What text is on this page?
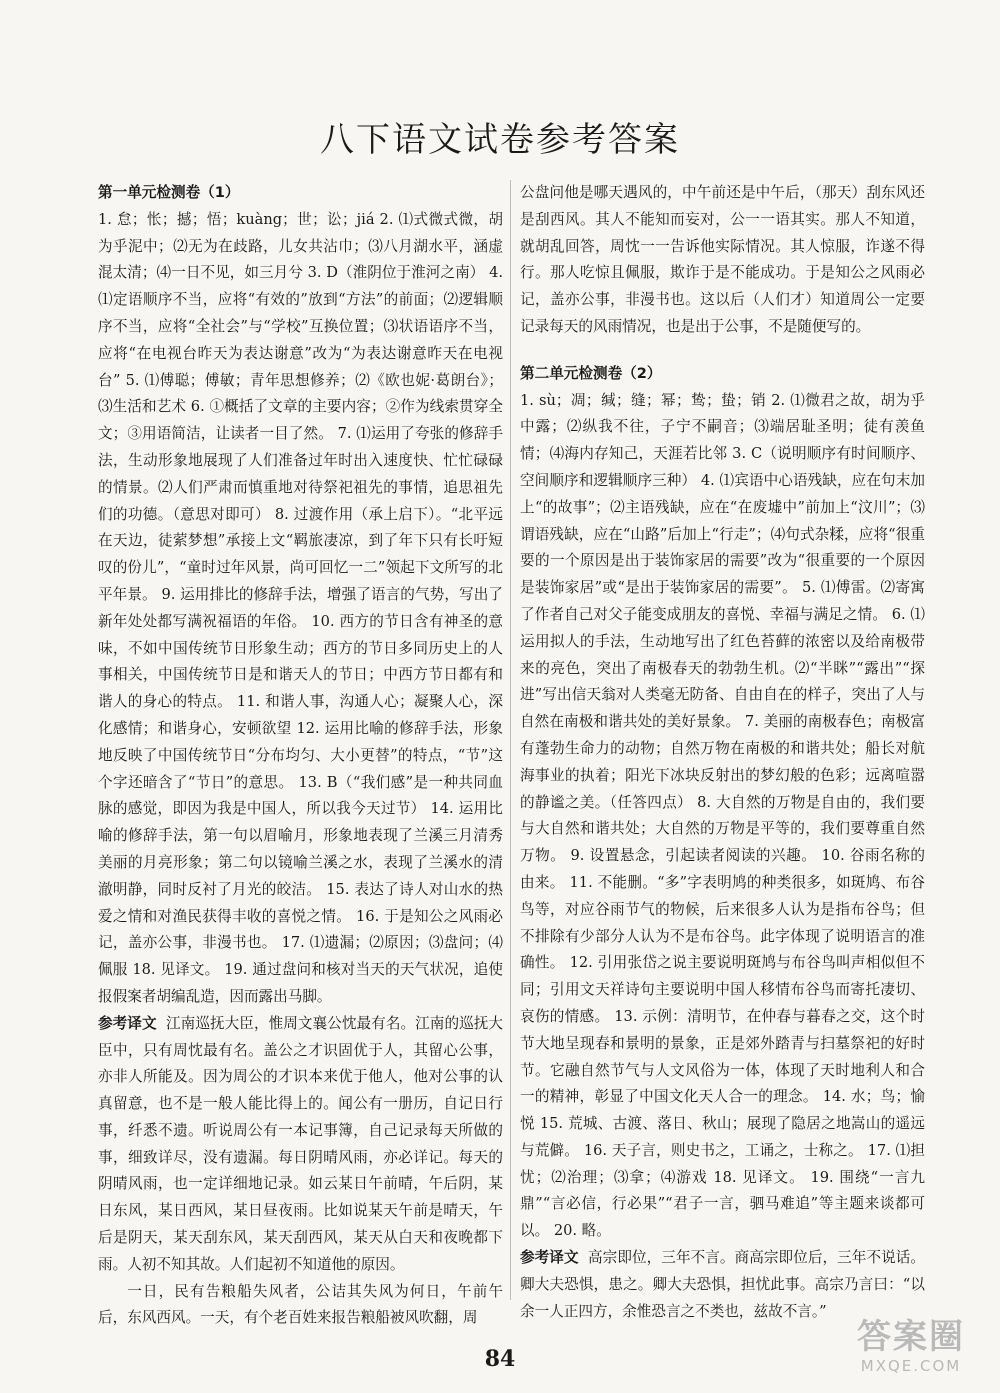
八下语文试卷参考答案
第一单元检测卷（1）

1. 怠；怅；撼；悟；kuàng；世；讼；jiá 2. ⑴式微式微，胡为乎泥中；⑵无为在歧路，儿女共沾巾；⑶八月湖水平，涵虚混太清；⑷一日不见，如三月兮 3. D（淮阴位于淮河之南） 4. ⑴定语顺序不当，应将“有效的”放到“方法”的前面；⑵逻辑顺序不当，应将“全社会”与“学校”互换位置；⑶状语语序不当，应将“在电视台昨天为表达谢意”改为“为表达谢意昨天在电视台” 5. ⑴傅聪；傅敏；青年思想修养；⑵《欧也妮·葛朗台》；⑶生活和艺术 6. ①概括了文章的主要内容；②作为线索贯穿全文；③用语简洁，让读者一目了然。 7. ⑴运用了夸张的修辞手法，生动形象地展现了人们准备过年时出入速度快、忙忙碌碌的情景。⑵人们严肃而慎重地对待祭祀祖先的事情，追思祖先们的功德。（意思对即可） 8. 过渡作用（承上启下）。“北平远在天边，徒萦梦想”承接上文“羁旅凄凉，到了年下只有长吁短叹的份儿”，“童时过年风景，尚可回忆一二”领起下文所写的北平年景。 9. 运用排比的修辞手法，增强了语言的气势，写出了新年处处都写满祝福语的年俗。 10. 西方的节日含有神圣的意味，不如中国传统节日形象生动；西方的节日多同历史上的人事相关，中国传统节日是和谐天人的节日；中西方节日都有和谐人的身心的特点。 11. 和谐人事，沟通人心；凝聚人心，深化感情；和谐身心，安顿欲望 12. 运用比喻的修辞手法，形象地反映了中国传统节日“分布均匀、大小更替”的特点，“节”这个字还暗含了“节日”的意思。 13. B（“我们感”是一种共同血脉的感觉，即因为我是中国人，所以我今天过节） 14. 运用比喻的修辞手法，第一句以眉喻月，形象地表现了兰溪三月清秀美丽的月亮形象；第二句以镜喻兰溪之水，表现了兰溪水的清澈明静，同时反衬了月光的皎洁。 15. 表达了诗人对山水的热爱之情和对渔民获得丰收的喜悦之情。 16. 于是知公之风雨必记，盖亦公事，非漫书也。 17. ⑴遗漏；⑵原因；⑶盘问；⑷佩服 18. 见译文。 19. 通过盘问和核对当天的天气状况，追使报假案者胡编乱造，因而露出马脚。

参考译文 江南巡抚大臣，惟周文襄公忱最有名。江南的巡抚大臣中，只有周忱最有名。盖公之才识固优于人，其留心公事，亦非人所能及。因为周公的才识本来优于他人，他对公事的认真留意，也不是一般人能比得上的。闻公有一册历，自记日行事，纤悉不遗。听说周公有一本记事簿，自己记录每天所做的事，细致详尽，没有遗漏。每日阴晴风雨，亦必详记。每天的阴晴风雨，也一定详细地记录。如云某日午前晴，午后阴，某日东风，某日西风，某日昼夜雨。比如说某天午前是晴天，午后是阴天，某天刮东风，某天刮西风，某天从白天和夜晚都下雨。人初不知其故。人们起初不知道他的原因。

一日，民有告粮船失风者，公诘其失风为何日，午前午后，东风西风。一天，有个老百姓来报告粮船被风吹翻，周

公盘问他是哪天遇风的，中午前还是中午后，（那天）刮东风还是刮西风。其人不能知而妄对，公一一语其实。那人不知道，就胡乱回答，周忱一一告诉他实际情况。其人惊服，诈遂不得行。那人吃惊且佩服，欺诈于是不能成功。于是知公之风雨必记，盖亦公事，非漫书也。这以后（人们才）知道周公一定要记录每天的风雨情况，也是出于公事，不是随便写的。

第二单元检测卷（2）

1. sù；凋；缄；缝；幂；鸷；蛰；销 2. ⑴微君之故，胡为乎中露；⑵纵我不往，子宁不嗣音；⑶端居耻圣明；徒有羡鱼情；⑷海内存知己，天涯若比邻 3. C（说明顺序有时间顺序、空间顺序和逻辑顺序三种） 4. ⑴宾语中心语残缺，应在句末加上“的故事”；⑵主语残缺，应在“在废墟中”前加上“汶川”；⑶谓语残缺，应在“山路”后加上“行走”；⑷句式杂糅，应将“很重要的一个原因是出于装饰家居的需要”改为“很重要的一个原因是装饰家居”或“是出于装饰家居的需要”。 5. ⑴傅雷。⑵寄寓了作者自己对父子能变成朋友的喜悦、幸福与满足之情。 6. ⑴运用拟人的手法，生动地写出了红色苔藓的浓密以及给南极带来的亮色，突出了南极春天的勃勃生机。⑵“半眯”“露出”“探进”写出信天翁对人类毫无防备、自由自在的样子，突出了人与自然在南极和谐共处的美好景象。 7. 美丽的南极春色；南极富有蓬勃生命力的动物；自然万物在南极的和谐共处；船长对航海事业的执着；阳光下冰块反射出的梦幻般的色彩；远离喧嚣的静谧之美。（任答四点） 8. 大自然的万物是自由的，我们要与大自然和谐共处；大自然的万物是平等的，我们要尊重自然万物。 9. 设置悬念，引起读者阅读的兴趣。 10. 谷雨名称的由来。 11. 不能删。“多”字表明鸠的种类很多，如斑鸠、布谷鸟等，对应谷雨节气的物候，后来很多人认为是指布谷鸟；但不排除有少部分人认为不是布谷鸟。此字体现了说明语言的准确性。 12. 引用张岱之说主要说明斑鸠与布谷鸟叫声相似但不同；引用文天祥诗句主要说明中国人移情布谷鸟而寄托凄切、哀伤的情感。 13. 示例：清明节，在仲春与暮春之交，这个时节大地呈现春和景明的景象，正是郊外踏青与扫墓祭祀的好时节。它融自然节气与人文风俗为一体，体现了天时地利人和合一的精神，彰显了中国文化天人合一的理念。 14. 水；鸟；愉悦 15. 荒城、古渡、落日、秋山；展现了隐居之地嵩山的遥远与荒僻。 16. 天子言，则史书之，工诵之，士称之。 17. ⑴担忧；⑵治理；⑶拿；⑷游戏 18. 见译文。 19. 围绕“一言九鼎”“言必信，行必果”“君子一言，驷马难追”等主题来谈都可以。 20. 略。

参考译文 高宗即位，三年不言。商高宗即位后，三年不说话。卿大夫恐惧，患之。卿大夫恐惧，担忧此事。高宗乃言曰：“以余一人正四方，余惟恐言之不类也，兹故不言。”

84
答案圈
MXQE.COM
